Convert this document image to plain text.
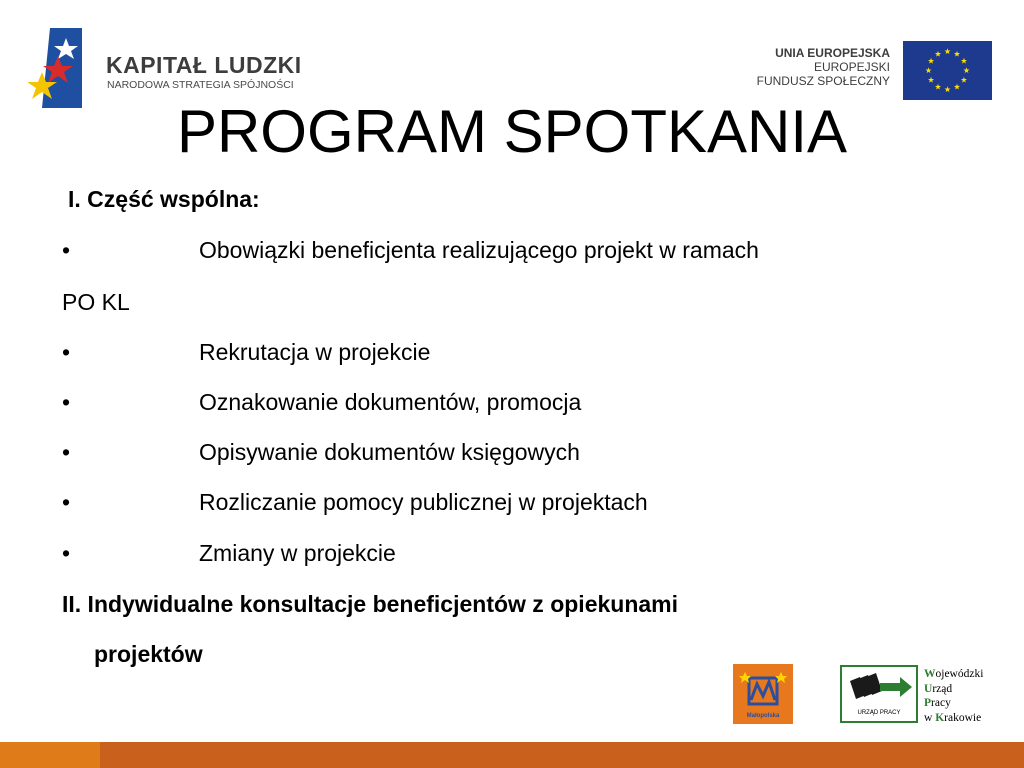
KAPITAŁ LUDZKI
NARODOWA STRATEGIA SPÓJNOŚCI
UNIA EUROPEJSKA
EUROPEJSKI
FUNDUSZ SPOŁECZNY
PROGRAM SPOTKANIA
I. Część wspólna:
•	Obowiązki beneficjenta realizującego projekt w ramach
PO KL
•	Rekrutacja w projekcie
•	Oznakowanie dokumentów, promocja
•	Opisywanie dokumentów księgowych
•	Rozliczanie pomocy publicznej w projektach
•	Zmiany w projekcie
II. Indywidualne konsultacje beneficjentów z opiekunami
projektów
Małopolska	URZĄD PRACY
Wojewódzki
Urząd
Pracy
w Krakowie
